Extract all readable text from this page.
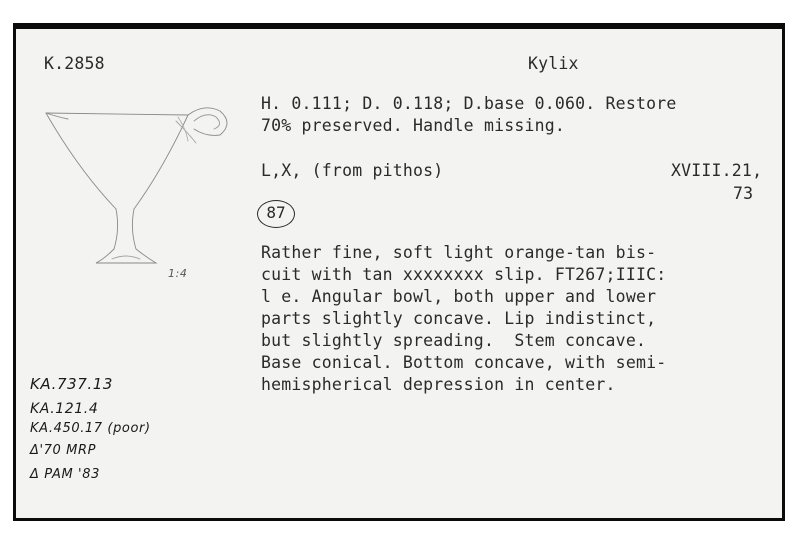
K.2858	Kylix
H. 0.111; D. 0.118; D.base 0.060. Restore
70% preserved. Handle missing.
L,X, (from pithos)	XVIII.21,
73
87
Rather fine, soft light orange-tan bis-
cuit with tan xxxxxxxx slip. FT267;IIIC:
l e. Angular bowl, both upper and lower
parts slightly concave. Lip indistinct,
but slightly spreading.  Stem concave.
Base conical. Bottom concave, with semi-
hemispherical depression in center.
1:4
KA.737.13
KA.121.4
KA.450.17 (poor)
Δ'70 MRP
Δ PAM '83
